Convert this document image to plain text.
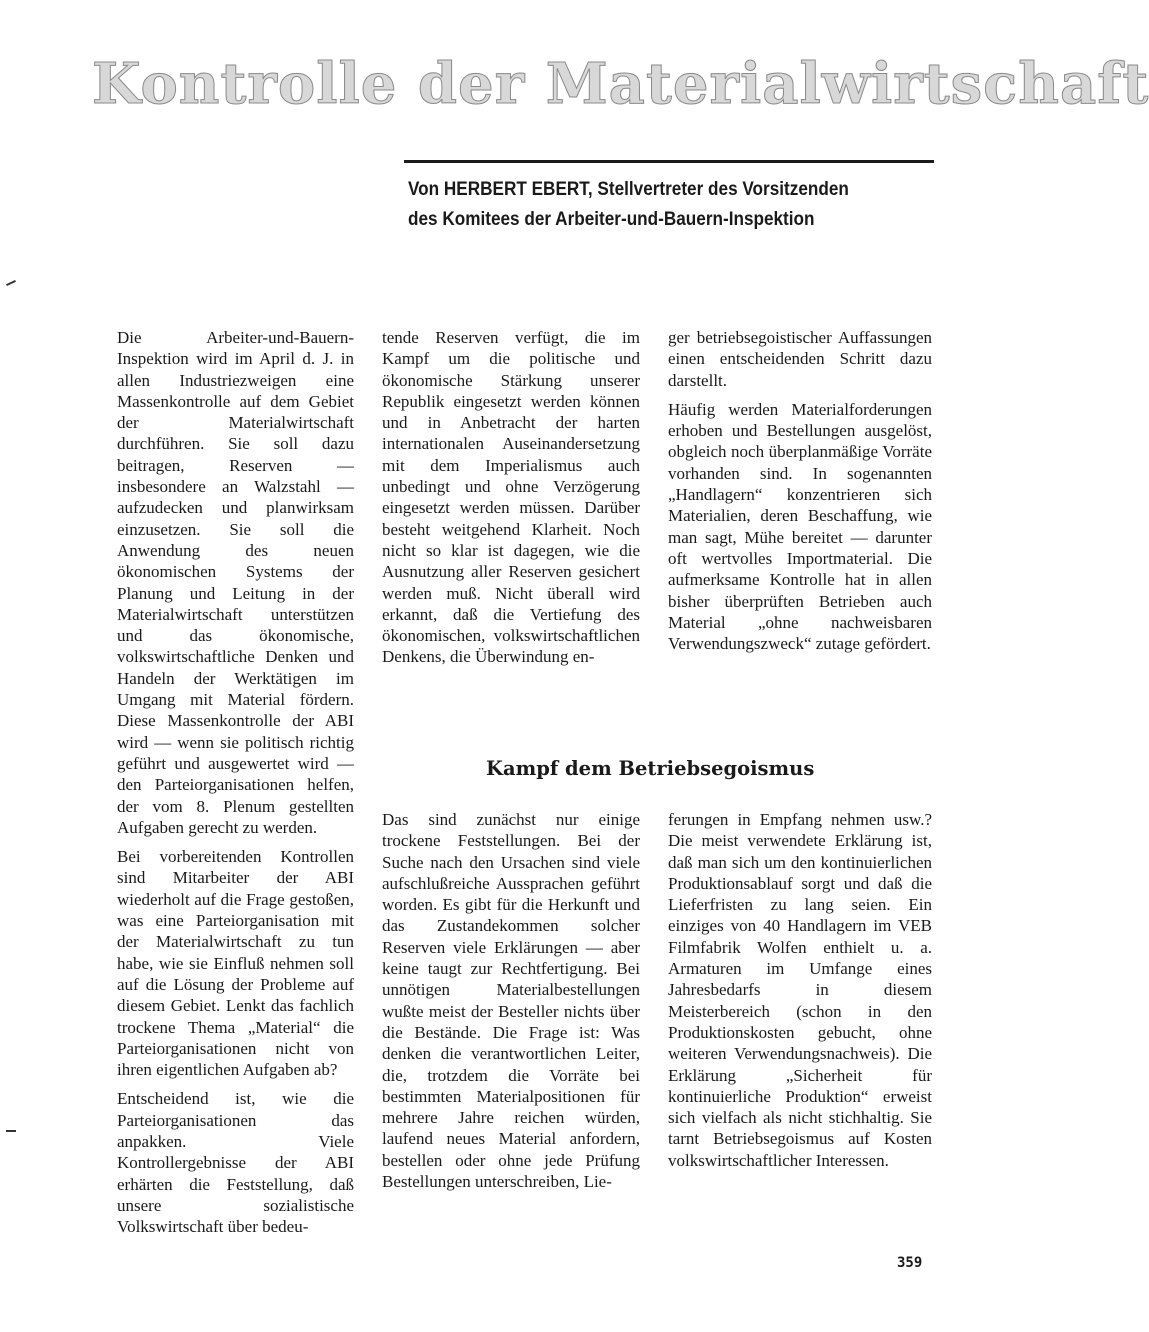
Kontrolle der Materialwirtschaft
Von HERBERT EBERT, Stellvertreter des Vorsitzenden
des Komitees der Arbeiter-und-Bauern-Inspektion

Die Arbeiter-und-Bauern-Inspektion wird im April d. J. in allen Industriezweigen eine Massenkontrolle auf dem Gebiet der Materialwirtschaft durchführen. Sie soll dazu beitragen, Reserven — insbesondere an Walzstahl — aufzudecken und planwirksam einzusetzen. Sie soll die Anwendung des neuen ökonomischen Systems der Planung und Leitung in der Materialwirtschaft unterstützen und das ökonomische, volkswirtschaftliche Denken und Handeln der Werktätigen im Umgang mit Material fördern. Diese Massenkontrolle der ABI wird — wenn sie politisch richtig geführt und ausgewertet wird — den Parteiorganisationen helfen, der vom 8. Plenum gestellten Aufgaben gerecht zu werden.

Bei vorbereitenden Kontrollen sind Mitarbeiter der ABI wiederholt auf die Frage gestoßen, was eine Parteiorganisation mit der Materialwirtschaft zu tun habe, wie sie Einfluß nehmen soll auf die Lösung der Probleme auf diesem Gebiet. Lenkt das fachlich trockene Thema „Material“ die Parteiorganisationen nicht von ihren eigentlichen Aufgaben ab?

Entscheidend ist, wie die Parteiorganisationen das anpakken. Viele Kontrollergebnisse der ABI erhärten die Feststellung, daß unsere sozialistische Volkswirtschaft über bedeu-

tende Reserven verfügt, die im Kampf um die politische und ökonomische Stärkung unserer Republik eingesetzt werden können und in Anbetracht der harten internationalen Auseinandersetzung mit dem Imperialismus auch unbedingt und ohne Verzögerung eingesetzt werden müssen. Darüber besteht weitgehend Klarheit. Noch nicht so klar ist dagegen, wie die Ausnutzung aller Reserven gesichert werden muß. Nicht überall wird erkannt, daß die Vertiefung des ökonomischen, volkswirtschaftlichen Denkens, die Überwindung en-

ger betriebsegoistischer Auffassungen einen entscheidenden Schritt dazu darstellt.

Häufig werden Materialforderungen erhoben und Bestellungen ausgelöst, obgleich noch überplanmäßige Vorräte vorhanden sind. In sogenannten „Handlagern“ konzentrieren sich Materialien, deren Beschaffung, wie man sagt, Mühe bereitet — darunter oft wertvolles Importmaterial. Die aufmerksame Kontrolle hat in allen bisher überprüften Betrieben auch Material „ohne nachweisbaren Verwendungszweck“ zutage gefördert.

Kampf dem Betriebsegoismus

Das sind zunächst nur einige trockene Feststellungen. Bei der Suche nach den Ursachen sind viele aufschlußreiche Aussprachen geführt worden. Es gibt für die Herkunft und das Zustandekommen solcher Reserven viele Erklärungen — aber keine taugt zur Rechtfertigung. Bei unnötigen Materialbestellungen wußte meist der Besteller nichts über die Bestände. Die Frage ist: Was denken die verantwortlichen Leiter, die, trotzdem die Vorräte bei bestimmten Materialpositionen für mehrere Jahre reichen würden, laufend neues Material anfordern, bestellen oder ohne jede Prüfung Bestellungen unterschreiben, Lie-

ferungen in Empfang nehmen usw.? Die meist verwendete Erklärung ist, daß man sich um den kontinuierlichen Produktionsablauf sorgt und daß die Lieferfristen zu lang seien. Ein einziges von 40 Handlagern im VEB Filmfabrik Wolfen enthielt u. a. Armaturen im Umfange eines Jahresbedarfs in diesem Meisterbereich (schon in den Produktionskosten gebucht, ohne weiteren Verwendungsnachweis). Die Erklärung „Sicherheit für kontinuierliche Produktion“ erweist sich vielfach als nicht stichhaltig. Sie tarnt Betriebsegoismus auf Kosten volkswirtschaftlicher Interessen.

359
